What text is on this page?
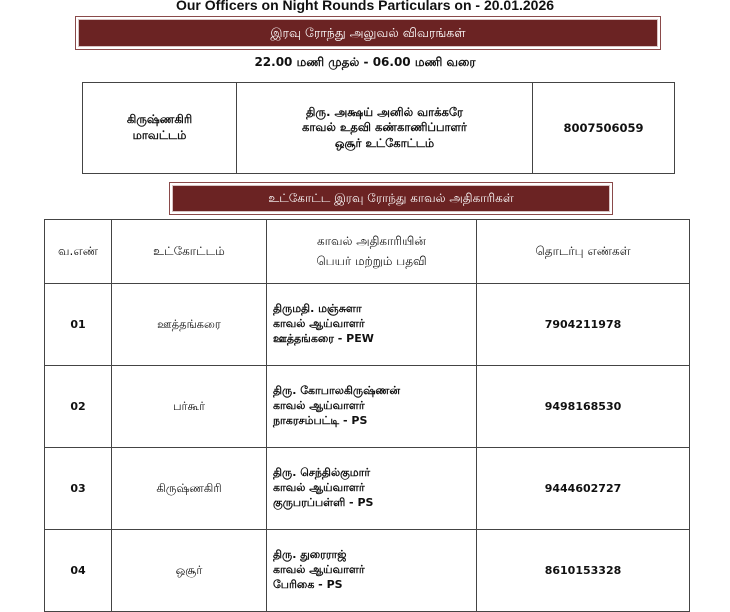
Our Officers on Night Rounds Particulars on - 20.01.2026
இரவு ரோந்து அலுவல் விவரங்கள்
22.00 மணி முதல் - 06.00 மணி வரை
கிருஷ்ணகிரி
மாவட்டம்

திரு. அக்ஷய் அனில் வாக்கரே
காவல் உதவி கண்காணிப்பாளர்
ஒசூர் உட்கோட்டம்
	8007506059
உட்கோட்ட இரவு ரோந்து காவல் அதிகாரிகள்
வ.எண்	உட்கோட்டம்	காவல் அதிகாரியின்
பெயர் மற்றும் பதவி	தொடர்பு எண்கள்
01	ஊத்தங்கரை	திருமதி. மஞ்சுளா
காவல் ஆய்வாளர்
ஊத்தங்கரை - PEW	7904211978
02	பர்கூர்	திரு. கோபாலகிருஷ்ணன்
காவல் ஆய்வாளர்
நாகரசம்பட்டி - PS	9498168530
03	கிருஷ்ணகிரி	திரு. செந்தில்குமார்
காவல் ஆய்வாளர்
குருபரப்பள்ளி - PS	9444602727
04	ஒசூர்	திரு. துரைராஜ்
காவல் ஆய்வாளர்
பேரிகை - PS	8610153328
